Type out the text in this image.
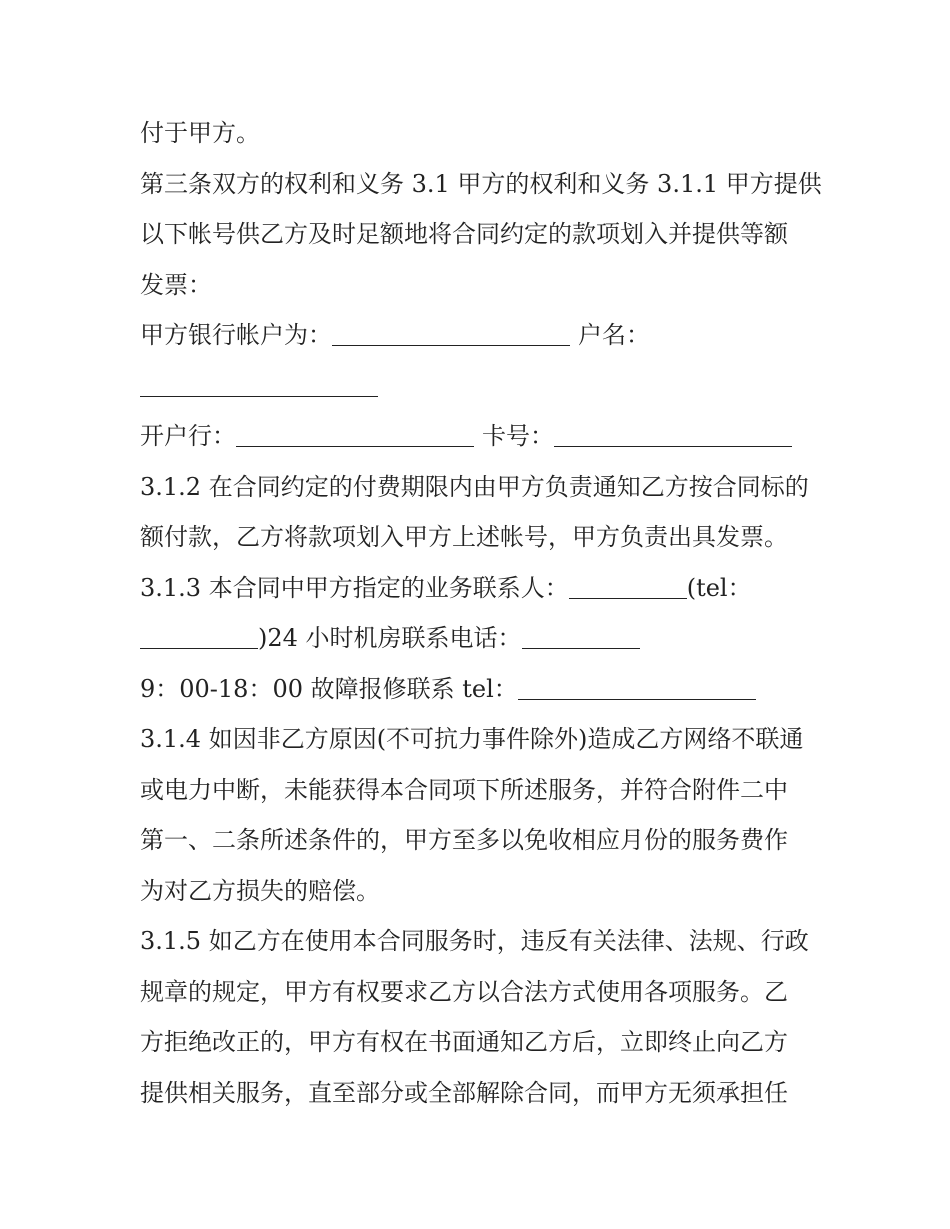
付于甲方。
第三条双方的权利和义务 3.1 甲方的权利和义务 3.1.1 甲方提供
以下帐号供乙方及时足额地将合同约定的款项划入并提供等额
发票：
甲方银行帐户为：	户名：
开户行：	卡号：
3.1.2 在合同约定的付费期限内由甲方负责通知乙方按合同标的
额付款，乙方将款项划入甲方上述帐号，甲方负责出具发票。
3.1.3 本合同中甲方指定的业务联系人：	(tel：
)24 小时机房联系电话：
9：00-18：00 故障报修联系 tel：
3.1.4 如因非乙方原因(不可抗力事件除外)造成乙方网络不联通
或电力中断，未能获得本合同项下所述服务，并符合附件二中
第一、二条所述条件的，甲方至多以免收相应月份的服务费作
为对乙方损失的赔偿。
3.1.5 如乙方在使用本合同服务时，违反有关法律、法规、行政
规章的规定，甲方有权要求乙方以合法方式使用各项服务。乙
方拒绝改正的，甲方有权在书面通知乙方后，立即终止向乙方
提供相关服务，直至部分或全部解除合同，而甲方无须承担任
